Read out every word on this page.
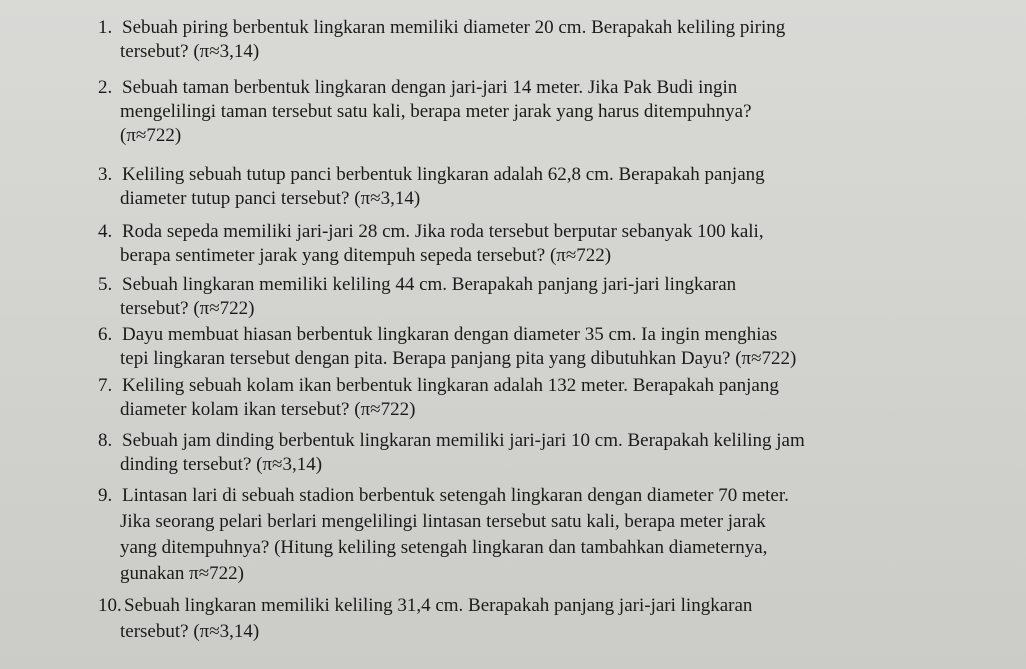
1. Sebuah piring berbentuk lingkaran memiliki diameter 20 cm. Berapakah keliling piring
tersebut? (π≈3,14)
2. Sebuah taman berbentuk lingkaran dengan jari-jari 14 meter. Jika Pak Budi ingin
mengelilingi taman tersebut satu kali, berapa meter jarak yang harus ditempuhnya?
(π≈722)
3. Keliling sebuah tutup panci berbentuk lingkaran adalah 62,8 cm. Berapakah panjang
diameter tutup panci tersebut? (π≈3,14)
4. Roda sepeda memiliki jari-jari 28 cm. Jika roda tersebut berputar sebanyak 100 kali,
berapa sentimeter jarak yang ditempuh sepeda tersebut? (π≈722)
5. Sebuah lingkaran memiliki keliling 44 cm. Berapakah panjang jari-jari lingkaran
tersebut? (π≈722)
6. Dayu membuat hiasan berbentuk lingkaran dengan diameter 35 cm. Ia ingin menghias
tepi lingkaran tersebut dengan pita. Berapa panjang pita yang dibutuhkan Dayu? (π≈722)
7. Keliling sebuah kolam ikan berbentuk lingkaran adalah 132 meter. Berapakah panjang
diameter kolam ikan tersebut? (π≈722)
8. Sebuah jam dinding berbentuk lingkaran memiliki jari-jari 10 cm. Berapakah keliling jam
dinding tersebut? (π≈3,14)
9. Lintasan lari di sebuah stadion berbentuk setengah lingkaran dengan diameter 70 meter.
Jika seorang pelari berlari mengelilingi lintasan tersebut satu kali, berapa meter jarak
yang ditempuhnya? (Hitung keliling setengah lingkaran dan tambahkan diameternya,
gunakan π≈722)
10. Sebuah lingkaran memiliki keliling 31,4 cm. Berapakah panjang jari-jari lingkaran
tersebut? (π≈3,14)
